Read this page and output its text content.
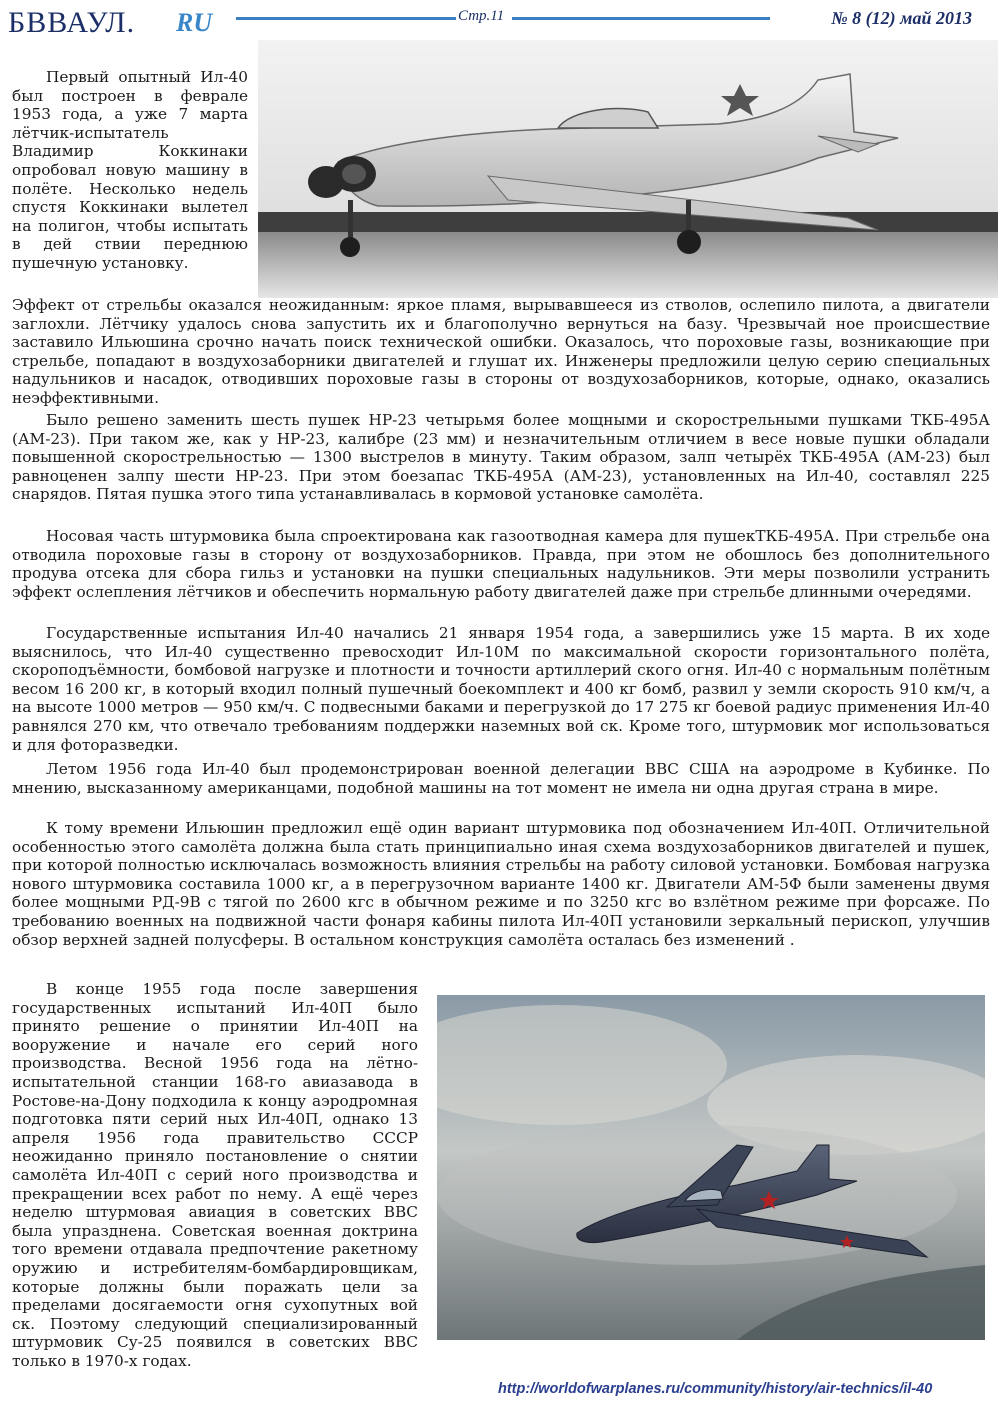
БВВАУЛ. RU	Стр.11	№ 8 (12) май 2013

Первый опытный Ил-40 был построен в феврале 1953 года, а уже 7 марта лётчик-испытатель Владимир Коккинаки опробовал новую машину в полёте. Несколько недель спустя Коккинаки вылетел на полигон, чтобы испытать в дей ствии переднюю пушечную установку.

Эффект от стрельбы оказался неожиданным: яркое пламя, вырывавшееся из стволов, ослепило пилота, а двигатели заглохли. Лётчику удалось снова запустить их и благополучно вернуться на базу. Чрезвычай ное происшествие заставило Ильюшина срочно начать поиск технической ошибки. Оказалось, что пороховые газы, возникающие при стрельбе, попадают в воздухозаборники двигателей и глушат их. Инженеры предложили целую серию специальных надульников и насадок, отводивших пороховые газы в стороны от воздухозаборников, которые, однако, оказались неэффективными.

Было решено заменить шесть пушек НР-23 четырьмя более мощными и скорострельными пушками ТКБ-495А (АМ-23). При таком же, как у НР-23, калибре (23 мм) и незначительным отличием в весе новые пушки обладали повышенной скорострельностью — 1300 выстрелов в минуту. Таким образом, залп четырёх ТКБ-495А (АМ-23) был равноценен залпу шести НР-23. При этом боезапас ТКБ-495А (АМ-23), установленных на Ил-40, составлял 225 снарядов. Пятая пушка этого типа устанавливалась в кормовой установке самолёта.

Носовая часть штурмовика была спроектирована как газоотводная камера для пушекТКБ-495А. При стрельбе она отводила пороховые газы в сторону от воздухозаборников. Правда, при этом не обошлось без дополнительного продува отсека для сбора гильз и установки на пушки специальных надульников. Эти меры позволили устранить эффект ослепления лётчиков и обеспечить нормальную работу двигателей даже при стрельбе длинными очередями.

Государственные испытания Ил-40 начались 21 января 1954 года, а завершились уже 15 марта. В их ходе выяснилось, что Ил-40 существенно превосходит Ил-10М по максимальной скорости горизонтального полёта, скороподъёмности, бомбовой нагрузке и плотности и точности артиллерий ского огня. Ил-40 с нормальным полётным весом 16 200 кг, в который входил полный пушечный боекомплект и 400 кг бомб, развил у земли скорость 910 км/ч, а на высоте 1000 метров — 950 км/ч. С подвесными баками и перегрузкой до 17 275 кг боевой радиус применения Ил-40 равнялся 270 км, что отвечало требованиям поддержки наземных вой ск. Кроме того, штурмовик мог использоваться и для фоторазведки.

Летом 1956 года Ил-40 был продемонстрирован военной делегации ВВС США на аэродроме в Кубинке. По мнению, высказанному американцами, подобной машины на тот момент не имела ни одна другая страна в мире.

К тому времени Ильюшин предложил ещё один вариант штурмовика под обозначением Ил-40П. Отличительной особенностью этого самолёта должна была стать принципиально иная схема воздухозаборников двигателей и пушек, при которой полностью исключалась возможность влияния стрельбы на работу силовой установки. Бомбовая нагрузка нового штурмовика составила 1000 кг, а в перегрузочном варианте 1400 кг. Двигатели АМ-5Ф были заменены двумя более мощными РД-9В с тягой по 2600 кгс в обычном режиме и по 3250 кгс во взлётном режиме при форсаже. По требованию военных на подвижной части фонаря кабины пилота Ил-40П установили зеркальный перископ, улучшив обзор верхней задней полусферы. В остальном конструкция самолёта осталась без изменений .

В конце 1955 года после завершения государственных испытаний Ил-40П было принято решение о принятии Ил-40П на вооружение и начале его серий ного производства. Весной 1956 года на лётно-испытательной станции 168-го авиазавода в Ростове-на-Дону подходила к концу аэродромная подготовка пяти серий ных Ил-40П, однако 13 апреля 1956 года правительство СССР неожиданно приняло постановление о снятии самолёта Ил-40П с серий ного производства и прекращении всех работ по нему. А ещё через неделю штурмовая авиация в советских ВВС была упразднена. Советская военная доктрина того времени отдавала предпочтение ракетному оружию и истребителям-бомбардировщикам, которые должны были поражать цели за пределами досягаемости огня сухопутных вой ск. Поэтому следующий специализированный штурмовик Су-25 появился в советских ВВС только в 1970-х годах.

http://worldofwarplanes.ru/community/history/air-technics/il-40
